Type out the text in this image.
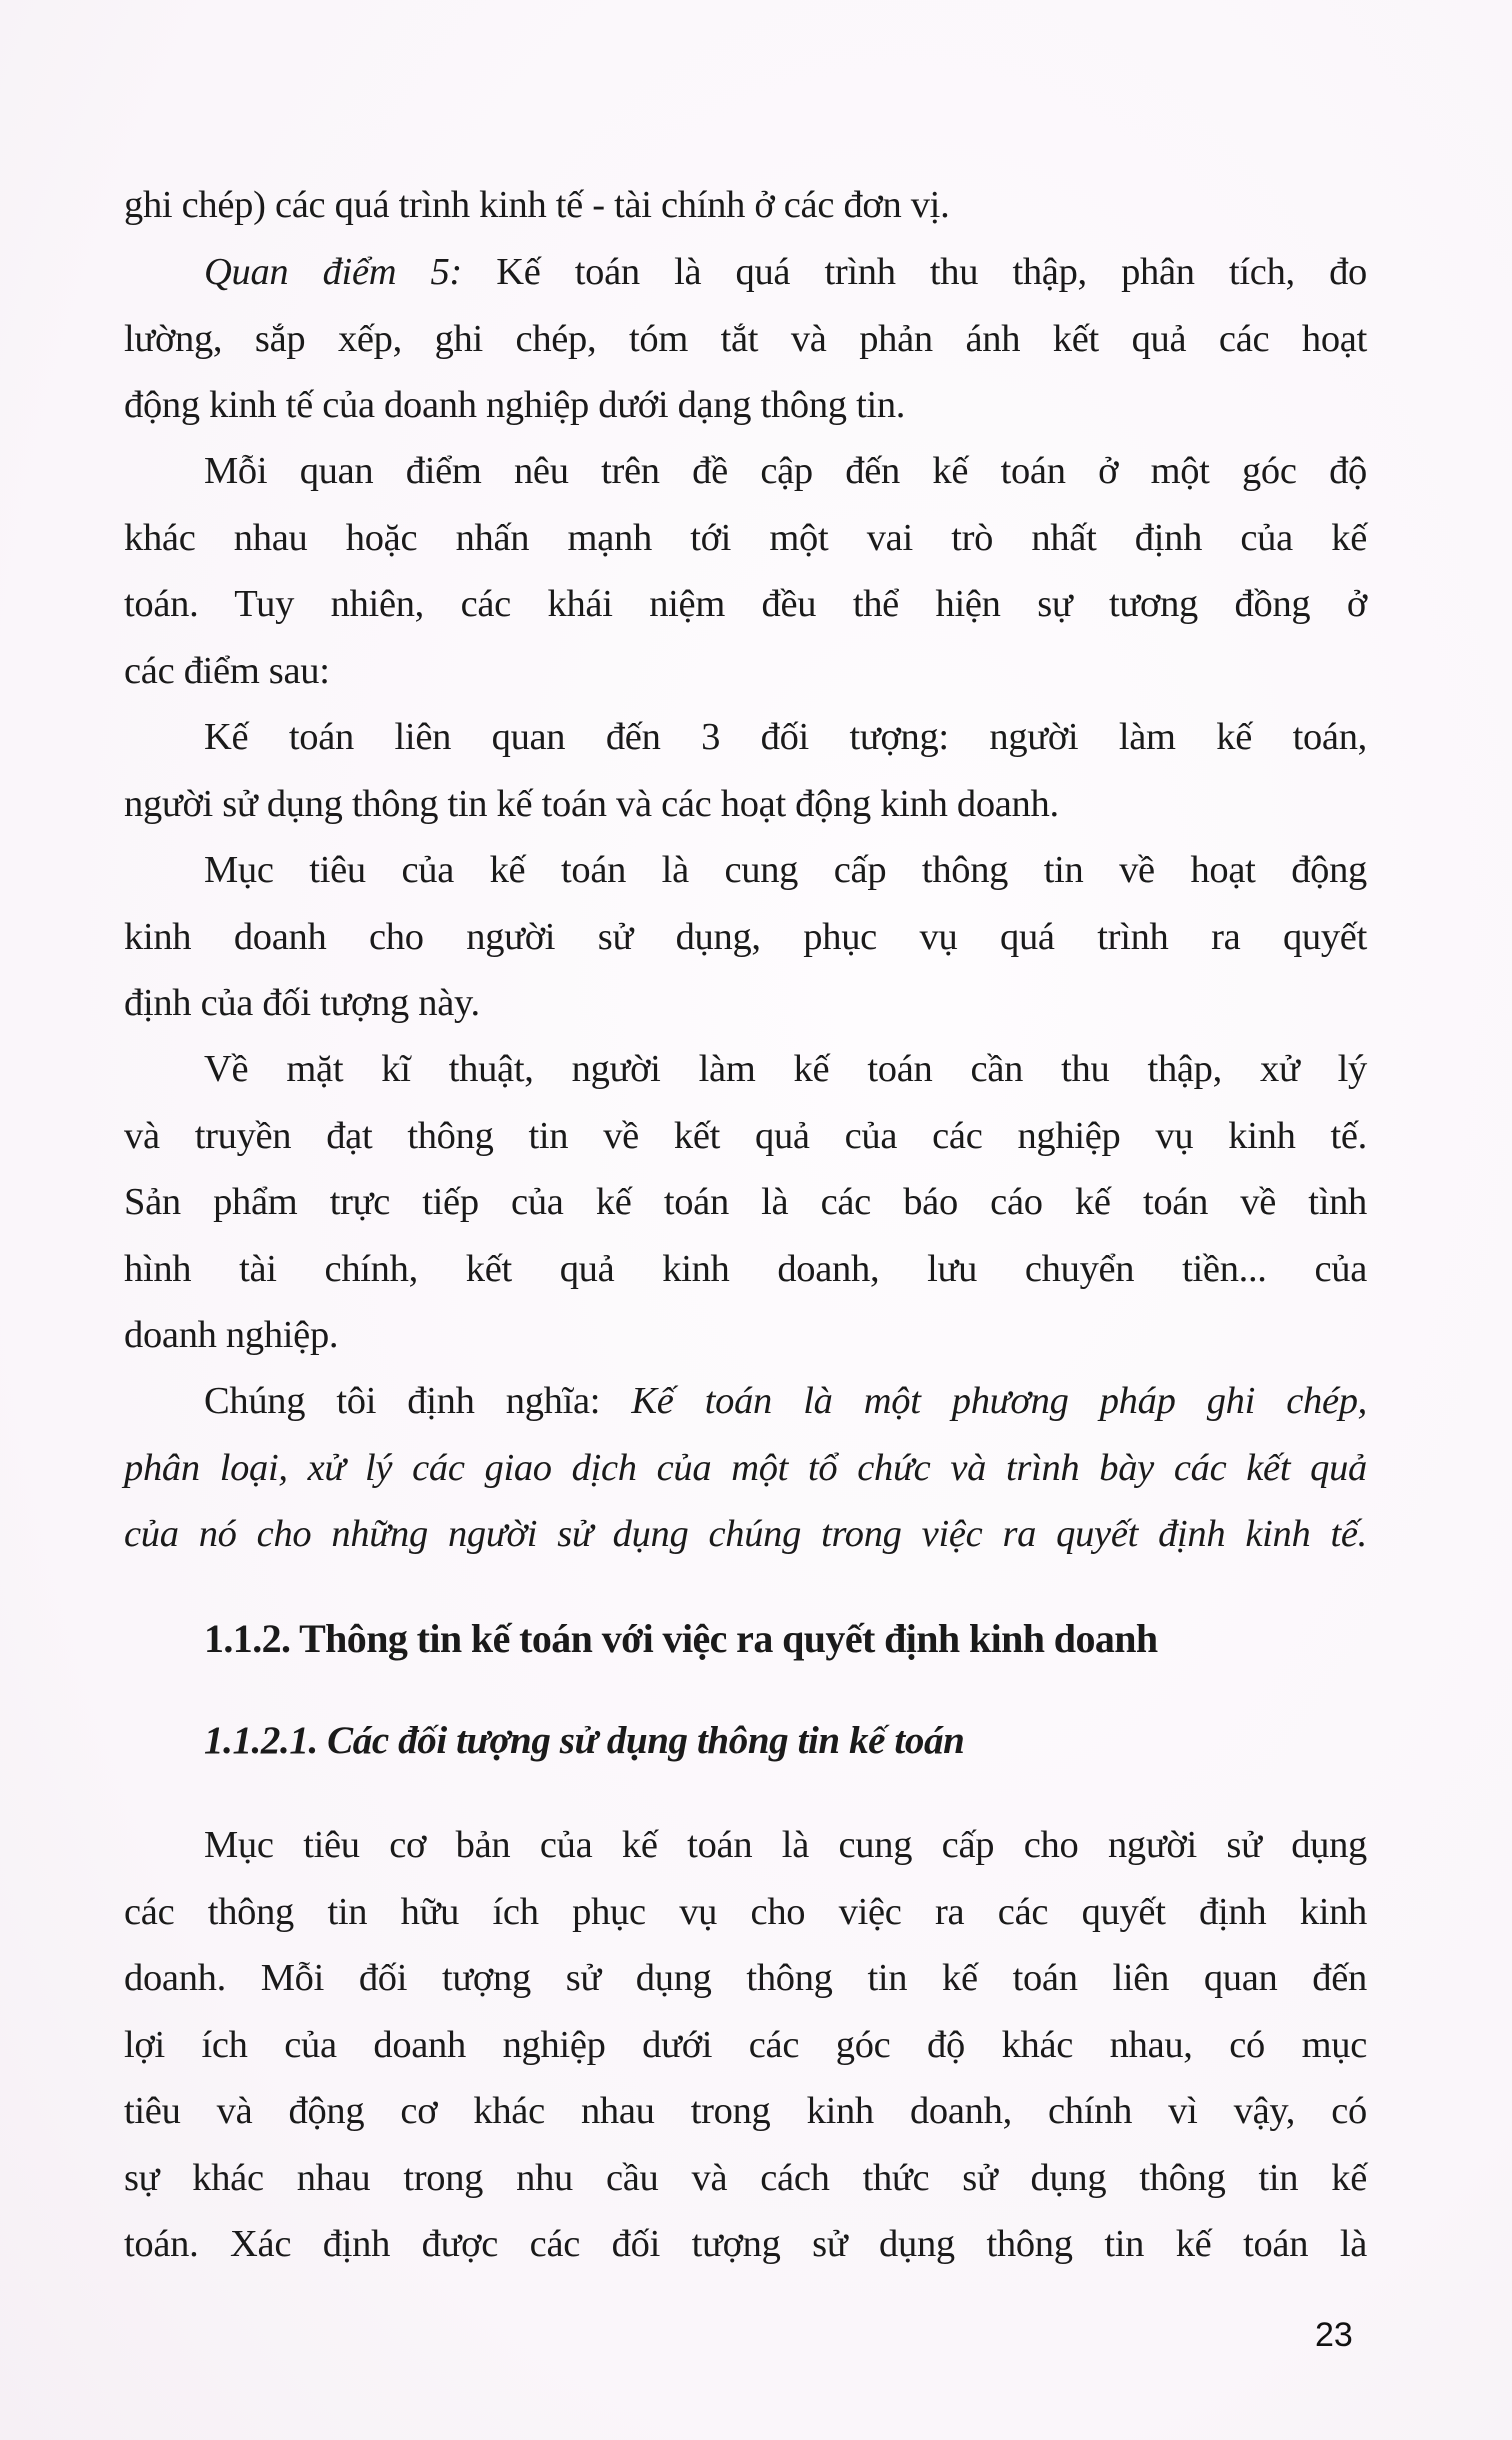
ghi chép) các quá trình kinh tế - tài chính ở các đơn vị.
Quan điểm 5: Kế toán là quá trình thu thập, phân tích, đo
lường, sắp xếp, ghi chép, tóm tắt và phản ánh kết quả các hoạt
động kinh tế của doanh nghiệp dưới dạng thông tin.
Mỗi quan điểm nêu trên đề cập đến kế toán ở một góc độ
khác nhau hoặc nhấn mạnh tới một vai trò nhất định của kế
toán. Tuy nhiên, các khái niệm đều thể hiện sự tương đồng ở
các điểm sau:
Kế toán liên quan đến 3 đối tượng: người làm kế toán,
người sử dụng thông tin kế toán và các hoạt động kinh doanh.
Mục tiêu của kế toán là cung cấp thông tin về hoạt động
kinh doanh cho người sử dụng, phục vụ quá trình ra quyết
định của đối tượng này.
Về mặt kĩ thuật, người làm kế toán cần thu thập, xử lý
và truyền đạt thông tin về kết quả của các nghiệp vụ kinh tế.
Sản phẩm trực tiếp của kế toán là các báo cáo kế toán về tình
hình tài chính, kết quả kinh doanh, lưu chuyển tiền... của
doanh nghiệp.
Chúng tôi định nghĩa: Kế toán là một phương pháp ghi chép,
phân loại, xử lý các giao dịch của một tổ chức và trình bày các kết quả
của nó cho những người sử dụng chúng trong việc ra quyết định kinh tế.
1.1.2. Thông tin kế toán với việc ra quyết định kinh doanh
1.1.2.1. Các đối tượng sử dụng thông tin kế toán
Mục tiêu cơ bản của kế toán là cung cấp cho người sử dụng
các thông tin hữu ích phục vụ cho việc ra các quyết định kinh
doanh. Mỗi đối tượng sử dụng thông tin kế toán liên quan đến
lợi ích của doanh nghiệp dưới các góc độ khác nhau, có mục
tiêu và động cơ khác nhau trong kinh doanh, chính vì vậy, có
sự khác nhau trong nhu cầu và cách thức sử dụng thông tin kế
toán. Xác định được các đối tượng sử dụng thông tin kế toán là
23
